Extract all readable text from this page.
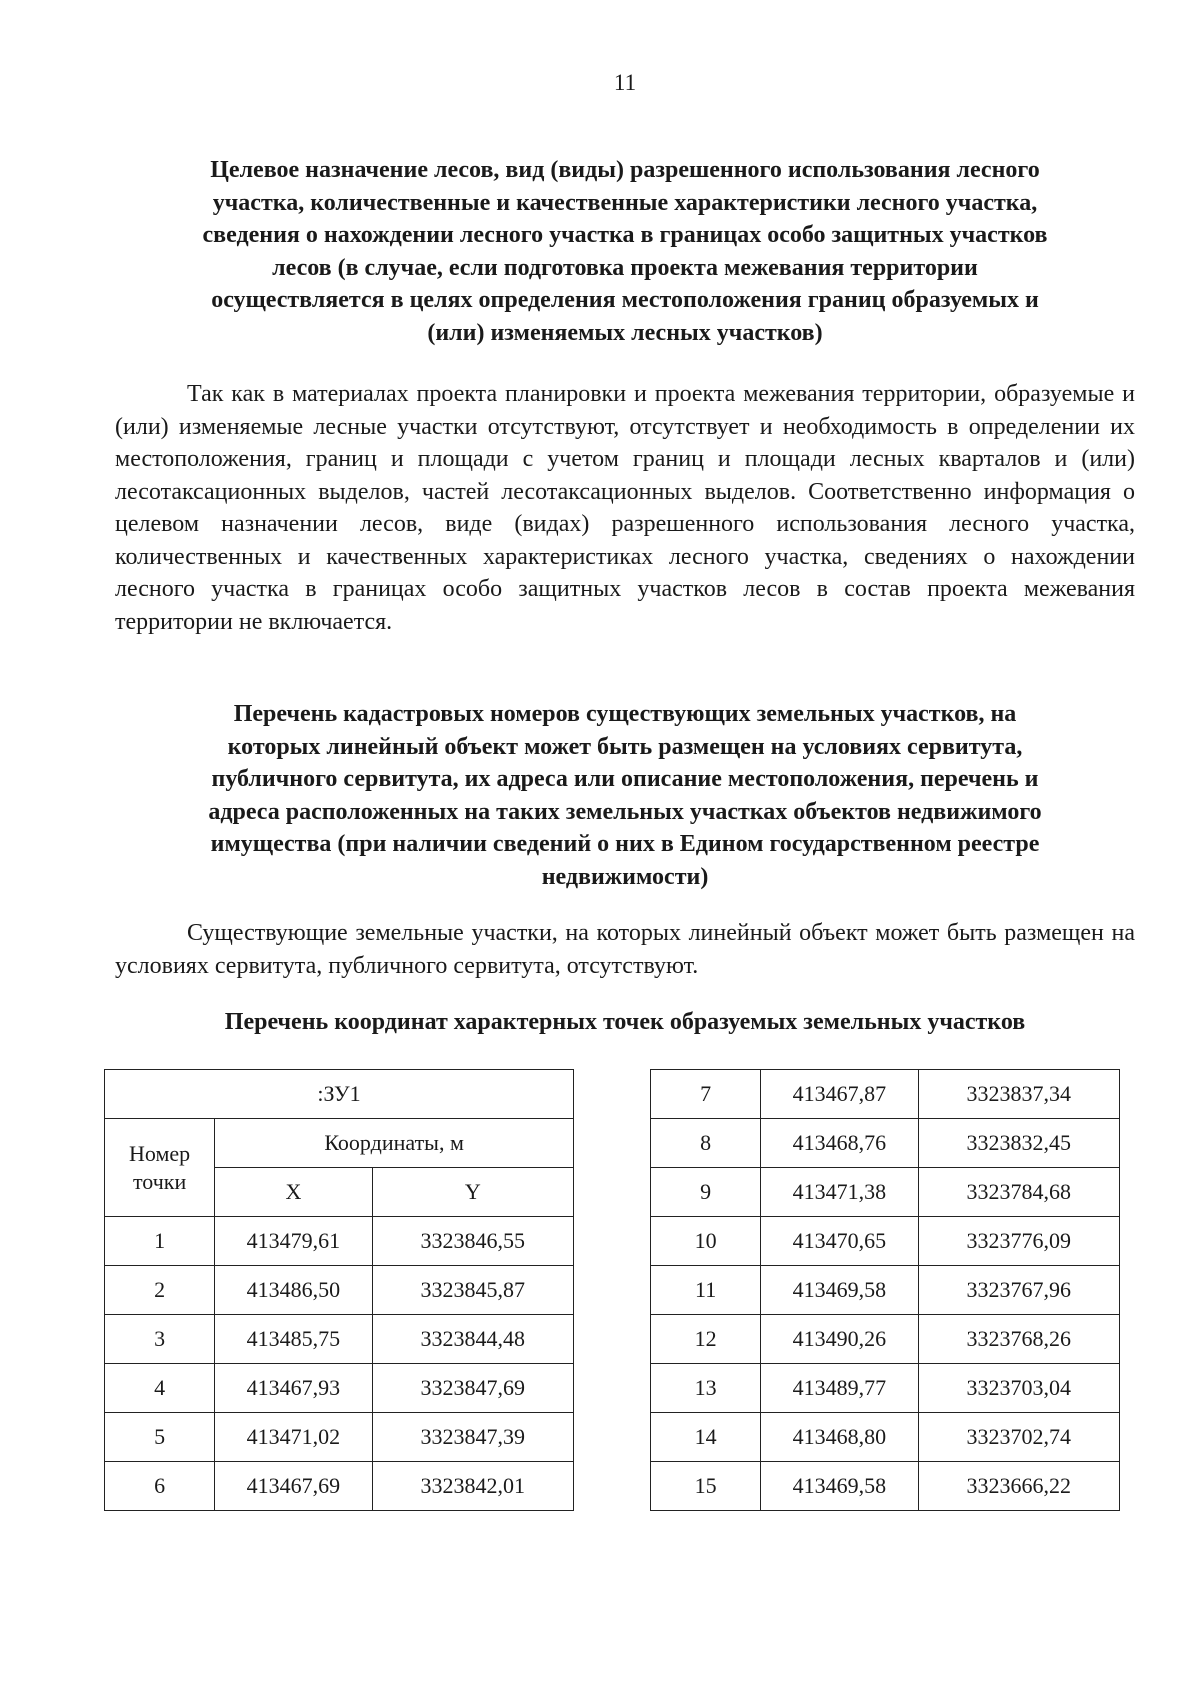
11

Целевое назначение лесов, вид (виды) разрешенного использования лесного
участка, количественные и качественные характеристики лесного участка,
сведения о нахождении лесного участка в границах особо защитных участков
лесов (в случае, если подготовка проекта межевания территории
осуществляется в целях определения местоположения границ образуемых и
(или) изменяемых лесных участков)

Так как в материалах проекта планировки и проекта межевания территории, образуемые и (или) изменяемые лесные участки отсутствуют, отсутствует и необходимость в определении их местоположения, границ и площади с учетом границ и площади лесных кварталов и (или) лесотаксационных выделов, частей лесотаксационных выделов. Соответственно информация о целевом назначении лесов, виде (видах) разрешенного использования лесного участка, количественных и качественных характеристиках лесного участка, сведениях о нахождении лесного участка в границах особо защитных участков лесов в состав проекта межевания территории не включается.

Перечень кадастровых номеров существующих земельных участков, на
которых линейный объект может быть размещен на условиях сервитута,
публичного сервитута, их адреса или описание местоположения, перечень и
адреса расположенных на таких земельных участках объектов недвижимого
имущества (при наличии сведений о них в Едином государственном реестре
недвижимости)

Существующие земельные участки, на которых линейный объект может быть размещен на условиях сервитута, публичного сервитута, отсутствуют.

Перечень координат характерных точек образуемых земельных участков

:ЗУ1		
Номер точки	Координаты, м	
	X	Y
1	413479,61	3323846,55
2	413486,50	3323845,87
3	413485,75	3323844,48
4	413467,93	3323847,69
5	413471,02	3323847,39
6	413467,69	3323842,01
7	413467,87	3323837,34
8	413468,76	3323832,45
9	413471,38	3323784,68
10	413470,65	3323776,09
11	413469,58	3323767,96
12	413490,26	3323768,26
13	413489,77	3323703,04
14	413468,80	3323702,74
15	413469,58	3323666,22
